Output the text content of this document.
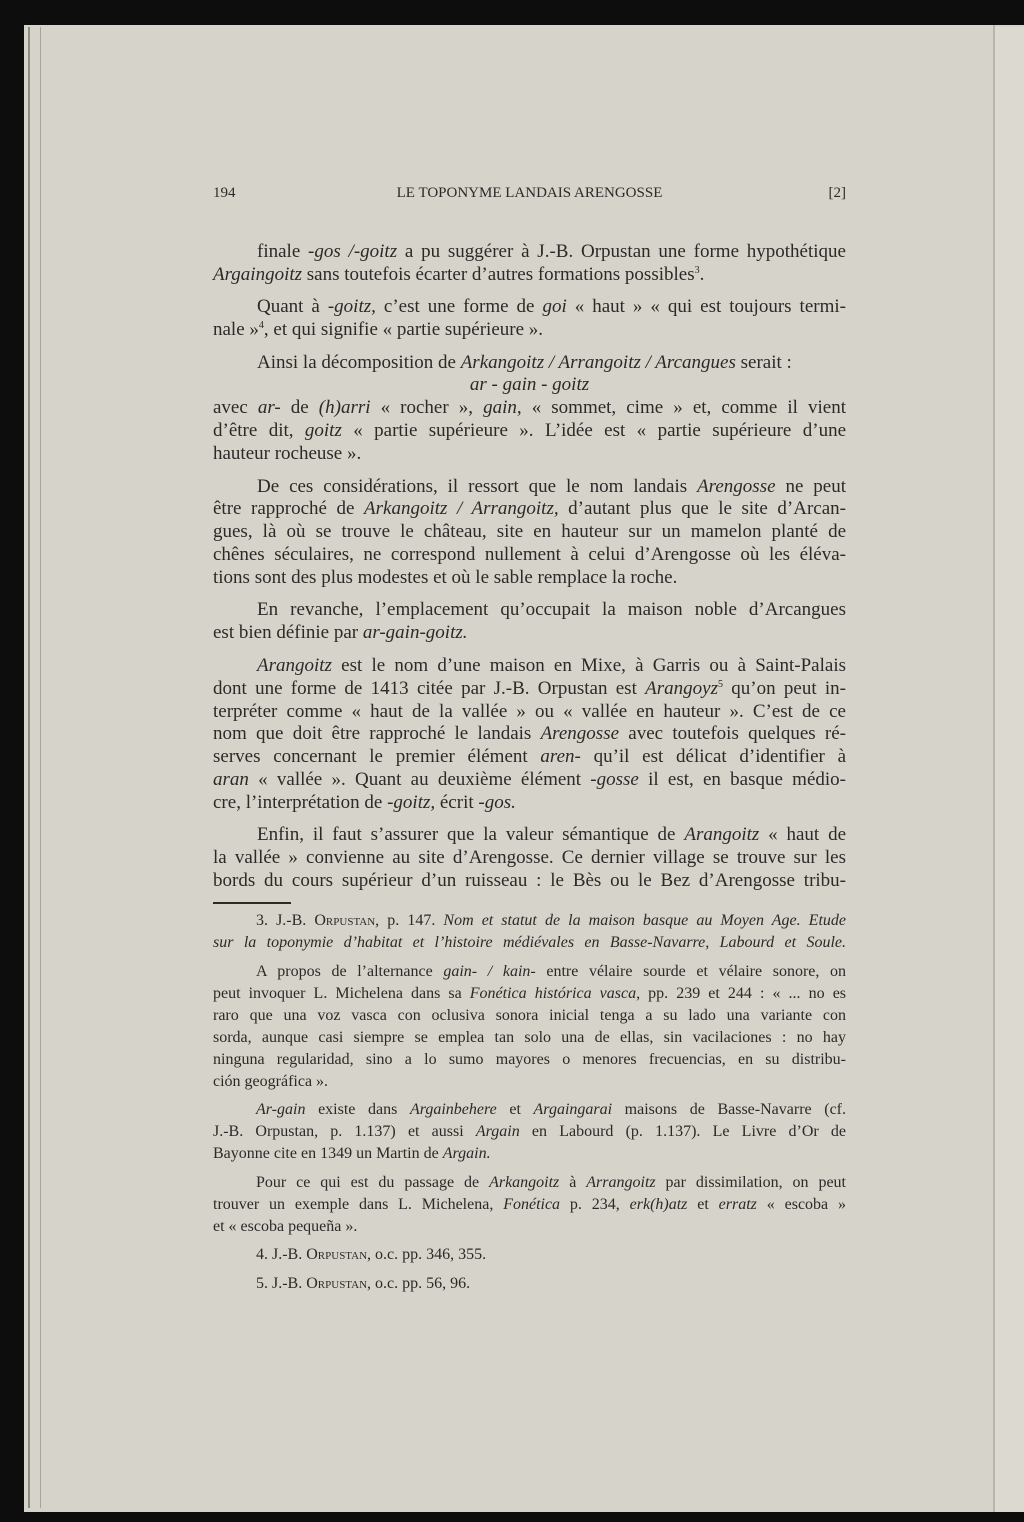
194	LE TOPONYME LANDAIS ARENGOSSE	[2]
finale -gos /-goitz a pu suggérer à J.-B. Orpustan une forme hypothétique
Argaingoitz sans toutefois écarter d’autres formations possibles$^3$.
Quant à -goitz, c’est une forme de goi « haut » « qui est toujours termi-
nale »$^4$, et qui signifie « partie supérieure ».
Ainsi la décomposition de Arkangoitz / Arrangoitz / Arcangues serait :
ar - gain - goitz
avec ar- de (h)arri « rocher », gain, « sommet, cime » et, comme il vient
d’être dit, goitz « partie supérieure ». L’idée est « partie supérieure d’une
hauteur rocheuse ».
De ces considérations, il ressort que le nom landais Arengosse ne peut
être rapproché de Arkangoitz / Arrangoitz, d’autant plus que le site d’Arcan-
gues, là où se trouve le château, site en hauteur sur un mamelon planté de
chênes séculaires, ne correspond nullement à celui d’Arengosse où les éléva-
tions sont des plus modestes et où le sable remplace la roche.
En revanche, l’emplacement qu’occupait la maison noble d’Arcangues
est bien définie par ar-gain-goitz.
Arangoitz est le nom d’une maison en Mixe, à Garris ou à Saint-Palais
dont une forme de 1413 citée par J.-B. Orpustan est Arangoyz$^5$ qu’on peut in-
terpréter comme « haut de la vallée » ou « vallée en hauteur ». C’est de ce
nom que doit être rapproché le landais Arengosse avec toutefois quelques ré-
serves concernant le premier élément aren- qu’il est délicat d’identifier à
aran « vallée ». Quant au deuxième élément -gosse il est, en basque médio-
cre, l’interprétation de -goitz, écrit -gos.
Enfin, il faut s’assurer que la valeur sémantique de Arangoitz « haut de
la vallée » convienne au site d’Arengosse. Ce dernier village se trouve sur les
bords du cours supérieur d’un ruisseau : le Bès ou le Bez d’Arengosse tribu-
3. J.-B. Orpustan, p. 147. Nom et statut de la maison basque au Moyen Age. Etude
sur la toponymie d’habitat et l’histoire médiévales en Basse-Navarre, Labourd et Soule.
A propos de l’alternance gain- / kain- entre vélaire sourde et vélaire sonore, on
peut invoquer L. Michelena dans sa Fonética histórica vasca, pp. 239 et 244 : « ... no es
raro que una voz vasca con oclusiva sonora inicial tenga a su lado una variante con
sorda, aunque casi siempre se emplea tan solo una de ellas, sin vacilaciones : no hay
ninguna regularidad, sino a lo sumo mayores o menores frecuencias, en su distribu-
ción geográfica ».
Ar-gain existe dans Argainbehere et Argaingarai maisons de Basse-Navarre (cf.
J.-B. Orpustan, p. 1.137) et aussi Argain en Labourd (p. 1.137). Le Livre d’Or de
Bayonne cite en 1349 un Martin de Argain.
Pour ce qui est du passage de Arkangoitz à Arrangoitz par dissimilation, on peut
trouver un exemple dans L. Michelena, Fonética p. 234, erk(h)atz et erratz « escoba »
et « escoba pequeña ».
4. J.-B. Orpustan, o.c. pp. 346, 355.
5. J.-B. Orpustan, o.c. pp. 56, 96.
